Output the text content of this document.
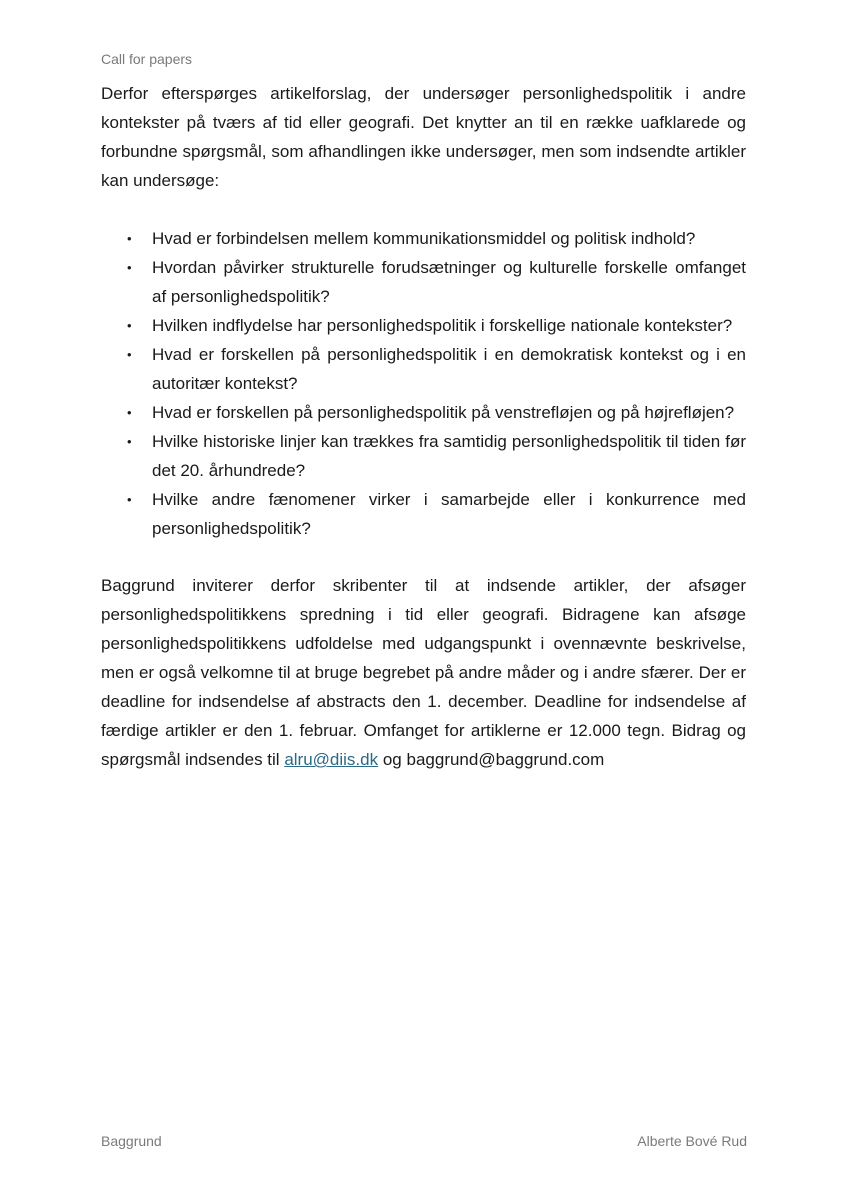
Call for papers

Derfor efterspørges artikelforslag, der undersøger personlighedspolitik i andre kontekster på tværs af tid eller geografi. Det knytter an til en række uafklarede og forbundne spørgsmål, som afhandlingen ikke undersøger, men som indsendte artikler kan undersøge:

• Hvad er forbindelsen mellem kommunikationsmiddel og politisk indhold?
• Hvordan påvirker strukturelle forudsætninger og kulturelle forskelle omfanget af personlighedspolitik?
• Hvilken indflydelse har personlighedspolitik i forskellige nationale kontekster?
• Hvad er forskellen på personlighedspolitik i en demokratisk kontekst og i en autoritær kontekst?
• Hvad er forskellen på personlighedspolitik på venstrefløjen og på højrefløjen?
• Hvilke historiske linjer kan trækkes fra samtidig personlighedspolitik til tiden før det 20. århundrede?
• Hvilke andre fænomener virker i samarbejde eller i konkurrence med personlighedspolitik?

Baggrund inviterer derfor skribenter til at indsende artikler, der afsøger personlighedspolitikkens spredning i tid eller geografi. Bidragene kan afsøge personlighedspolitikkens udfoldelse med udgangspunkt i ovennævnte beskrivelse, men er også velkomne til at bruge begrebet på andre måder og i andre sfærer. Der er deadline for indsendelse af abstracts den 1. december. Deadline for indsendelse af færdige artikler er den 1. februar. Omfanget for artiklerne er 12.000 tegn. Bidrag og spørgsmål indsendes til alru@diis.dk og baggrund@baggrund.com

Baggrund	Alberte Bové Rud
